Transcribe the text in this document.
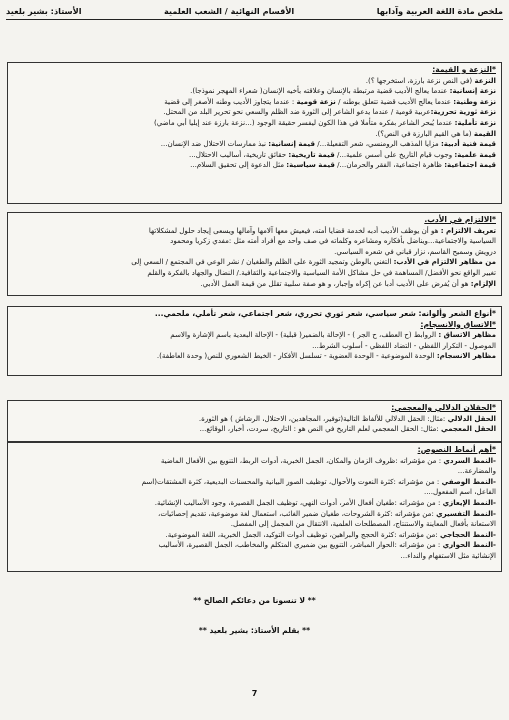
ملخص مادة اللغة العربية وآدابها
الأقسام النهائية / الشعب العلمية
الأستاذ: بشير بلعيد

*النزعة و القيمة:

النزعة (في النص نزعة بارزة، استخرجها ؟).

نزعة إنسانية: عندما يعالج الأديب قضية مرتبطة بالإنسان وعلاقته بأخيه الإنسان( شعراء المهجر نموذجا).

نزعة وطنية: عندما يعالج الأديب قضية تتعلق بوطنه / نزعة قومية : عندما يتجاوز الأديب وطنه الأصغر إلى قضية

نزعة ثورية تحررية:عربية قومية / عندما يدعو الشاعر إلى الثورة ضد الظلم والسعي نحو تحرير البلد من المحتل.

نزعة تأملية: عندما يُبحر الشاعر بفكره متأملا في هذا الكون ليفسر حقيقة الوجود (...نزعة بارزة عند إيليا أبي ماضي)

القيمة (ما هي القيم البارزة في النص؟).

قيمة فنية أدبية: مزايا المذهب الرومنسي، شعر التفعيلة.../ قيمة إنسانية: نبذ ممارسات الاحتلال ضد الإنسان...

قيمة علمية: وجوب قيام التاريخ على أسس علمية.../ قيمة تاريخية: حقائق تاريخية، أساليب الاحتلال...

قيمة اجتماعية: ظاهرة اجتماعية، الفقر والحرمان.../ قيمة سياسية: مثل الدعوة إلى تحقيق السلام...

*الالتزام في الأدب.

تعريف الالتزام : هو أن يوظف الأديب أدبه لخدمة قضايا أمته، فيعيش معها آلامها وآمالها ويسعى إيجاد حلول لمشكلاتها

السياسية والاجتماعية...ويناضل بأفكاره ومشاعره وكلماته في صف واحد مع أفراد أمته مثل :مفدي زكريا ومحمود

درويش وسميح القاسم، نزار قباني في شعره السياسي.

من مظاهر الالتزام في الأدب: التغني بالوطن وتمجيد الثورة على الظلم والطغيان / نشر الوعي في المجتمع / السعي إلى

تغيير الواقع نحو الأفضل/ المساهمة في حل مشاكل الأمة السياسية والاجتماعية والثقافية./ النضال والجهاد بالفكرة والقلم

الإلزام: هو أن يُفرض على الأديب أدبا عن إكراه وإجبار، و هو صفة سلبية تقلل من قيمة العمل الأدبي.

*أنواع الشعر وألوانه: شعر سياسي، شعر ثوري تحرري، شعر اجتماعي، شعر تأملي، ملحمي...

*الاتساق والانسجام:

مظاهر الاتساق : الروابط (ح العطف، ح الجر ) - الإحالة بالضمير( قبلية) - الإحالة البعدية باسم الإشارة والاسم

الموصول - التكرار اللفظي - التضاد اللفظي - أسلوب الشرط...

مظاهر الانسجام: الوحدة الموضوعية - الوحدة العضوية - تسلسل الأفكار - الخيط الشعوري للنص( وحدة العاطفة).

*الحقلان الدلالي والمعجمي:

الحقل الدلالي :مثال: الحقل الدلالي للألفاظ التالية(توفير، المجاهدين، الاحتلال، الرشاش ) هو الثورة.

الحقل المعجمي :مثال: الحقل المعجمي لعلم التاريخ في النص هو : التاريخ، سردت، أخبار، الوقائع...

*أهم أنماط النصوص:

-النمط السردي : من مؤشراته :ظروف الزمان والمكان، الجمل الخبرية، أدوات الربط، التنويع بين الأفعال الماضية

والمضارعة...

-النمط الوصفي : من مؤشراته :كثرة النعوت والأحوال، توظيف الصور البيانية والمحسنات البديعية، كثرة المشتقات(اسم

الفاعل، اسم المفعول....

-النمط الإيعازي : من مؤشراته :طغيان أفعال الأمر، أدوات النهي، توظيف الجمل القصيرة، وجود الأساليب الإنشائية.

-النمط التفسيري :من مؤشراته :كثرة الشروحات، طغيان ضمير الغائب، استعمال لغة موضوعية، تقديم إحصائيات،

الاستعانة بأفعال المعاينة والاستنتاج، المصطلحات العلمية، الانتقال من المجمل إلى المفصل.

-النمط الحجاجي :من مؤشراته :كثرة الحجج والبراهين، توظيف أدوات التوكيد، الجمل الخبرية، اللغة الموضوعية.

-النمط الحواري : من مؤشراته :الحوار المباشر، التنويع بين ضميري المتكلم والمخاطب، الجمل القصيرة، الأساليب

الإنشائية مثل الاستفهام والنداء...

** لا تنسونا من دعائكم الصالح **
** بقلم الأستاذ: بشير بلعيد **
7
